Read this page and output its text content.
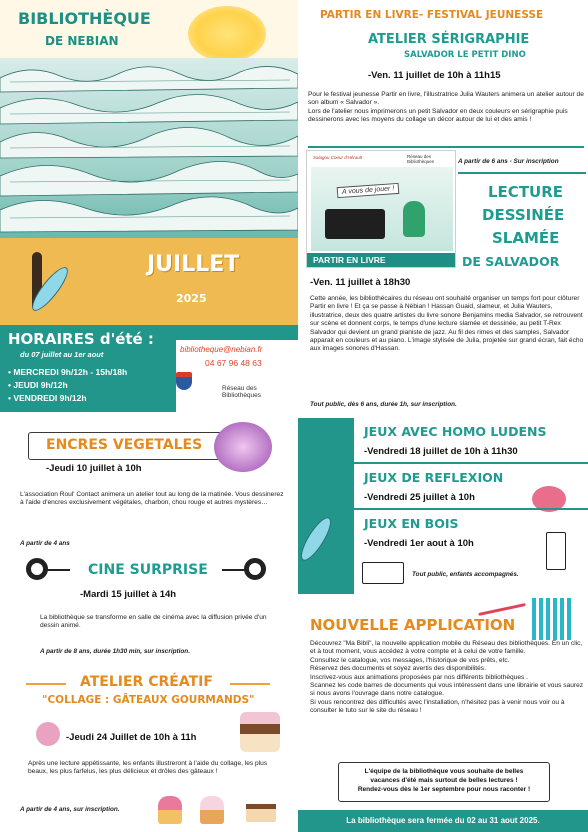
BIBLIOTHÈQUE
DE NEBIAN
JUILLET
2025
HORAIRES d'été :
du 07 juillet au 1er aout
• MERCREDI 9h/12h - 15h/18h
• JEUDI 9h/12h
• VENDREDI 9h/12h
bibliotheque@nebian.fr
04 67 96 48 63
Réseau des Bibliothèques
PARTIR EN LIVRE- FESTIVAL JEUNESSE
ATELIER SÉRIGRAPHIE
SALVADOR LE PETIT DINO
-Ven. 11 juillet de 10h à 11h15

Pour le festival jeunesse Partir en livre, l'illustratrice Julia Wauters animera un atelier autour de son album « Salvador ».

Lors de l'atelier nous imprimerons un petit Salvador en deux couleurs en sérigraphie puis dessinerons avec les moyens du collage un décor autour de lui et des amis !

Salagou Coeur d'Hérault	Réseau des Bibliothèques
A vous de jouer !
PARTIR EN LIVRE
A partir de 6 ans - Sur inscription
LECTURE
DESSINÉE
SLAMÉE
DE SALVADOR
-Ven. 11 juillet à 18h30
Cette année, les bibliothécaires du réseau ont souhaité organiser un temps fort pour clôturer Partir en livre ! Et ça se passe à Nébian ! Hassan Guaid, slameur, et Julia Wauters, illustratrice, deux des quatre artistes du livre sonore Benjamins media Salvador, se retrouvent sur scène et donnent corps, le temps d'une lecture slamée et dessinée, au petit T-Rex Salvador qui devient un grand pianiste de jazz. Au fil des rimes et des samples, Salvador apparait en couleurs et au piano. L'image stylisée de Julia, projetée sur grand écran, fait écho aux images sonores d'Hassan.
Tout public, dès 6 ans, durée 1h, sur inscription.
ENCRES VEGETALES
-Jeudi 10 juillet à 10h
L'association Roul' Contact animera un atelier tout au long de la matinée. Vous dessinerez à l'aide d'encres exclusivement végétales, charbon, chou rouge et autres mystères…
A partir de 4 ans
CINE SURPRISE
-Mardi 15 juillet à 14h
La bibliothèque se transforme en salle de cinéma avec la diffusion privée d'un dessin animé.
A partir de 8 ans, durée 1h30 min, sur inscription.
ATELIER CRÉATIF
"COLLAGE : GÂTEAUX GOURMANDS"
-Jeudi 24 Juillet de 10h à 11h
Après une lecture appétissante, les enfants illustreront à l'aide du collage, les plus beaux, les plus farfelus, les plus délicieux et drôles des gâteaux !
A partir de 4 ans, sur inscription.
JEUX AVEC HOMO LUDENS
-Vendredi 18 juillet de 10h à 11h30
JEUX DE REFLEXION
-Vendredi 25 juillet à 10h
JEUX EN BOIS
-Vendredi 1er aout à 10h
Tout public, enfants accompagnés.
NOUVELLE APPLICATION

Découvrez "Ma Bibli", la nouvelle application mobile du Réseau des bibliothèques. En un clic, et à tout moment, vous accédez à votre compte et à celui de votre famille.

Consultez le catalogue, vos messages, l'historique de vos prêts, etc.

Réservez des documents et soyez avertis des disponibilités.

Inscrivez-vous aux animations proposées par nos différents bibliothèques .

Scannez les code barres de documents qui vous intéressent dans une librairie et vous saurez si nous avons l'ouvrage dans notre catalogue.

Si vous rencontrez des difficultés avec l'installation, n'hésitez pas à venir nous voir ou à consulter le tuto sur le site du réseau !

L'équipe de la bibliothèque vous souhaite de belles
vacances d'été mais surtout de belles lectures !
Rendez-vous dès le 1er septembre pour nous raconter !
La bibliothèque sera fermée du 02 au 31 aout 2025.
